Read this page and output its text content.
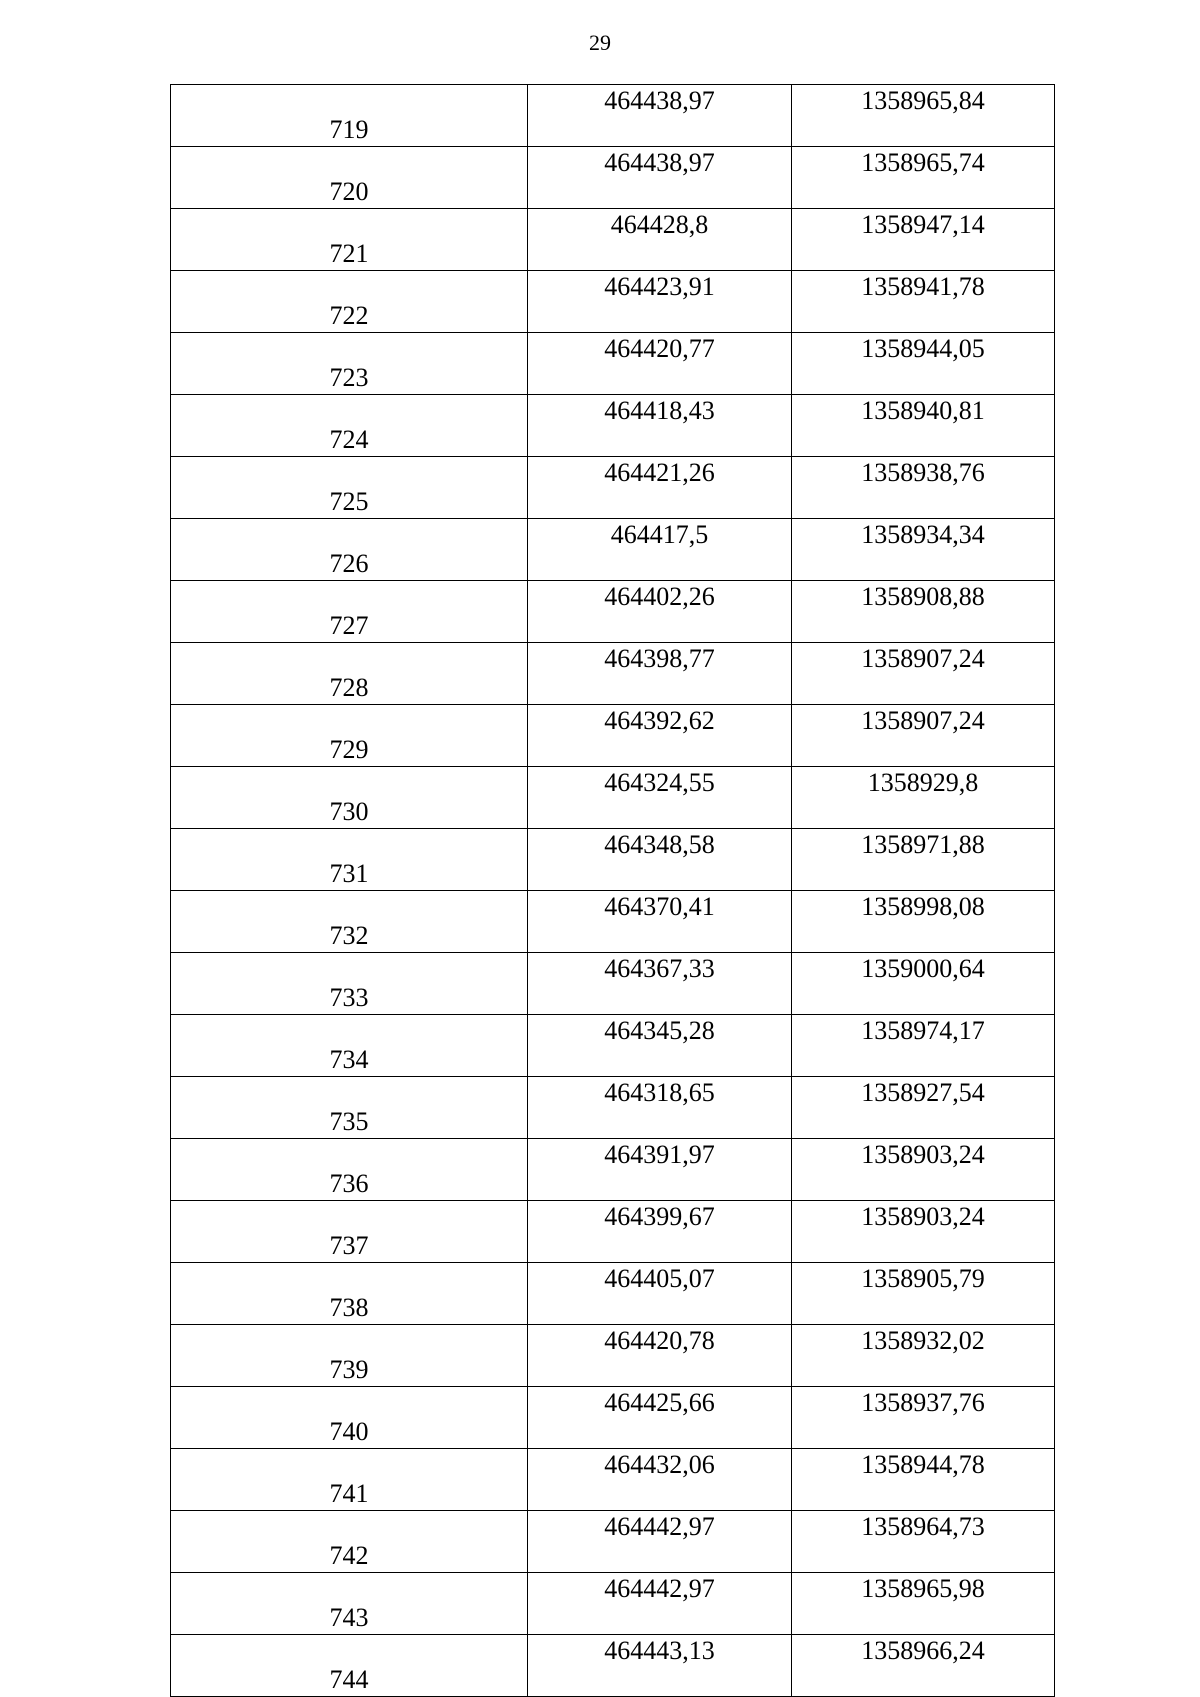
29
719	464438,97	1358965,84
720	464438,97	1358965,74
721	464428,8	1358947,14
722	464423,91	1358941,78
723	464420,77	1358944,05
724	464418,43	1358940,81
725	464421,26	1358938,76
726	464417,5	1358934,34
727	464402,26	1358908,88
728	464398,77	1358907,24
729	464392,62	1358907,24
730	464324,55	1358929,8
731	464348,58	1358971,88
732	464370,41	1358998,08
733	464367,33	1359000,64
734	464345,28	1358974,17
735	464318,65	1358927,54
736	464391,97	1358903,24
737	464399,67	1358903,24
738	464405,07	1358905,79
739	464420,78	1358932,02
740	464425,66	1358937,76
741	464432,06	1358944,78
742	464442,97	1358964,73
743	464442,97	1358965,98
744	464443,13	1358966,24
